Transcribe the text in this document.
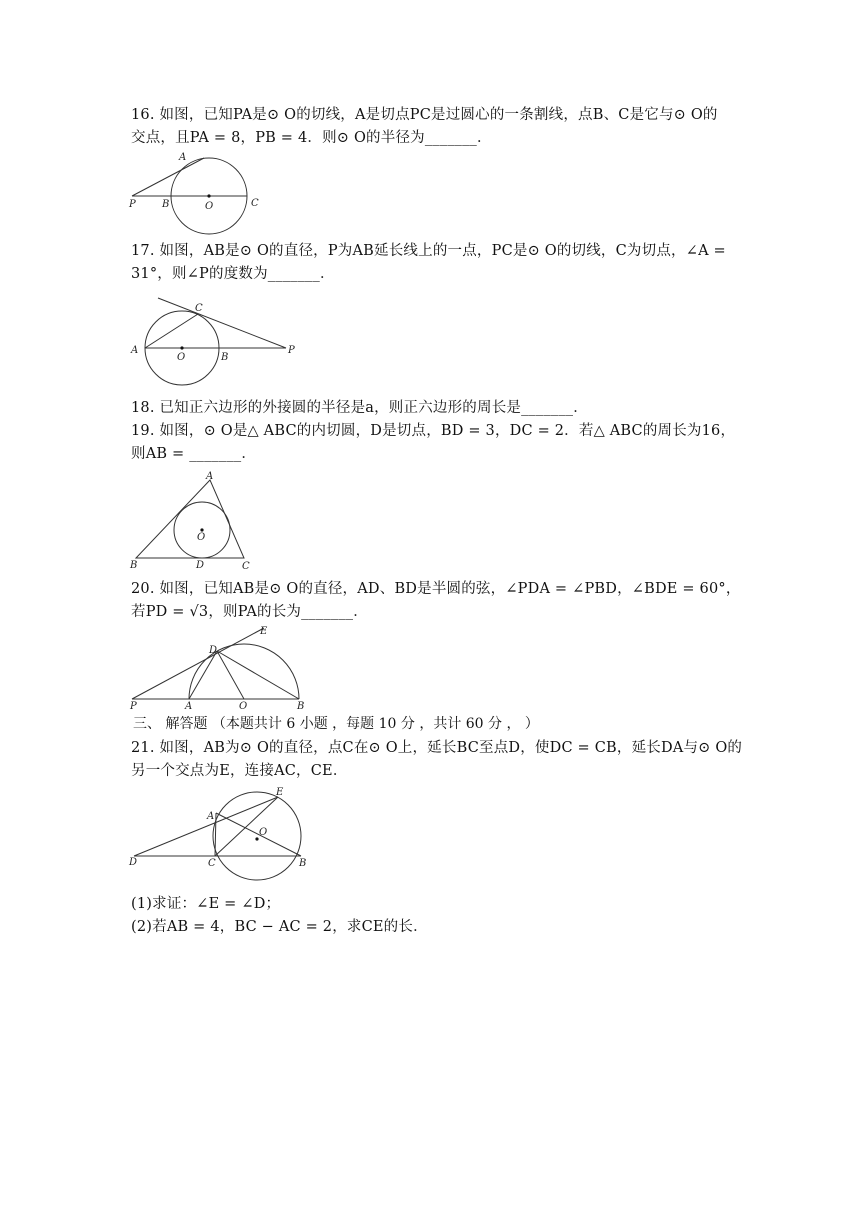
16. 如图，已知PA是⊙ O的切线，A是切点PC是过圆心的一条割线，点B、C是它与⊙ O的
交点，且PA = 8，PB = 4．则⊙ O的半径为_______．
A
P	B	O	C
17. 如图，AB是⊙ O的直径，P为AB延长线上的一点，PC是⊙ O的切线，C为切点，∠A =
31°，则∠P的度数为_______．
C
A
O	B
P
18. 已知正六边形的外接圆的半径是a，则正六边形的周长是_______．
19. 如图，⊙ O是△ ABC的内切圆，D是切点，BD = 3，DC = 2．若△ ABC的周长为16，
则AB = _______．
A
O
B	D	C
20. 如图，已知AB是⊙ O的直径，AD、BD是半圆的弦，∠PDA = ∠PBD，∠BDE = 60°，
若PD = √3，则PA的长为_______．
E
D
P	A	O	B
三、 解答题 （本题共计 6 小题 ，每题 10 分 ，共计 60 分 ， ）
21. 如图，AB为⊙ O的直径，点C在⊙ O上，延长BC至点D，使DC = CB，延长DA与⊙ O的
另一个交点为E，连接AC，CE．
E
A
O
D	C	B
(1)求证：∠E = ∠D；
(2)若AB = 4，BC − AC = 2，求CE的长．
